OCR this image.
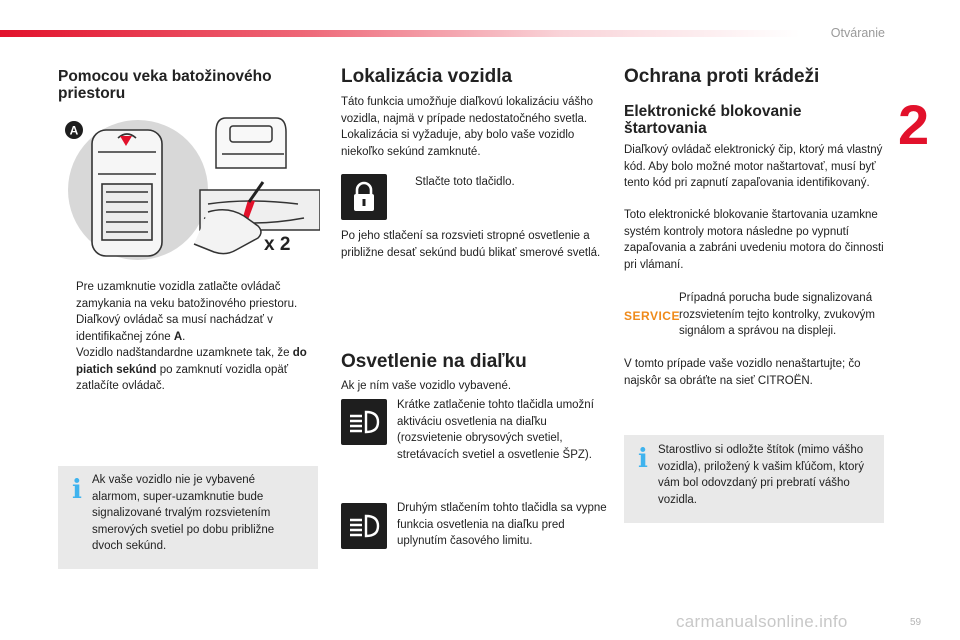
Otváranie
2
59
carmanualsonline.info
Pomocou veka batožinového priestoru
A
x 2

Pre uzamknutie vozidla zatlačte ovládač zamykania na veku batožinového priestoru. Diaľkový ovládač sa musí nachádzať v identifikačnej zóne A.

Vozidlo nadštandardne uzamknete tak, že do piatich sekúnd po zamknutí vozidla opäť zatlačíte ovládač.

i Ak vaše vozidlo nie je vybavené alarmom, super-uzamknutie bude signalizované trvalým rozsvietením smerových svetiel po dobu približne dvoch sekúnd.

Lokalizácia vozidla

Táto funkcia umožňuje diaľkovú lokalizáciu vášho vozidla, najmä v prípade nedostatočného svetla. Lokalizácia si vyžaduje, aby bolo vaše vozidlo niekoľko sekúnd zamknuté.

Stlačte toto tlačidlo.

Po jeho stlačení sa rozsvieti stropné osvetlenie a približne desať sekúnd budú blikať smerové svetlá.

Osvetlenie na diaľku

Ak je ním vaše vozidlo vybavené.

Krátke zatlačenie tohto tlačidla umožní aktiváciu osvetlenia na diaľku (rozsvietenie obrysových svetiel, stretávacích svetiel a osvetlenie ŠPZ).

Druhým stlačením tohto tlačidla sa vypne funkcia osvetlenia na diaľku pred uplynutím časového limitu.

Ochrana proti krádeži
Elektronické blokovanie štartovania

Diaľkový ovládač elektronický čip, ktorý má vlastný kód. Aby bolo možné motor naštartovať, musí byť tento kód pri zapnutí zapaľovania identifikovaný.

Toto elektronické blokovanie štartovania uzamkne systém kontroly motora následne po vypnutí zapaľovania a zabráni uvedeniu motora do činnosti pri vlámaní.

SERVICE

Prípadná porucha bude signalizovaná rozsvietením tejto kontrolky, zvukovým signálom a správou na displeji.

V tomto prípade vaše vozidlo nenaštartujte; čo najskôr sa obráťte na sieť CITROËN.

i Starostlivo si odložte štítok (mimo vášho vozidla), priložený k vašim kľúčom, ktorý vám bol odovzdaný pri prebratí vášho vozidla.
